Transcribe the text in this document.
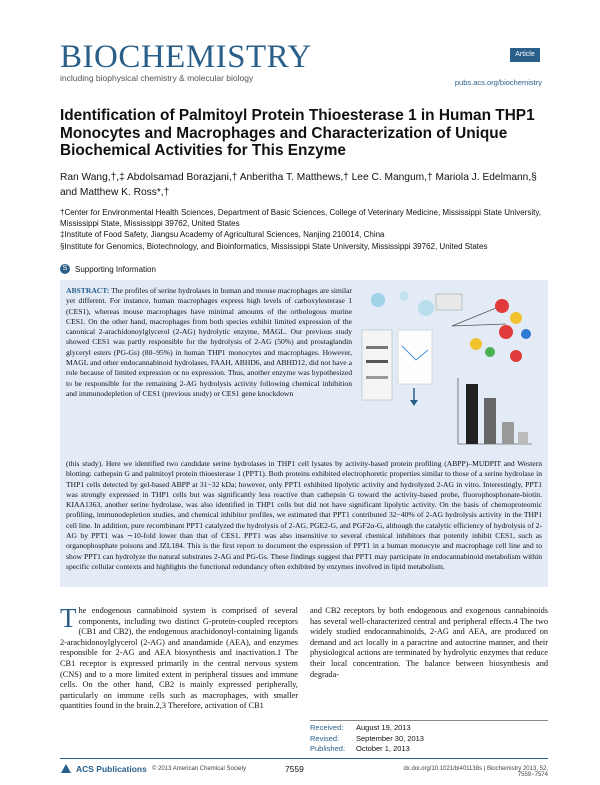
BIOCHEMISTRY
including biophysical chemistry & molecular biology
Article
pubs.acs.org/biochemistry
Identification of Palmitoyl Protein Thioesterase 1 in Human THP1 Monocytes and Macrophages and Characterization of Unique Biochemical Activities for This Enzyme
Ran Wang,†,‡ Abdolsamad Borazjani,† Anberitha T. Matthews,† Lee C. Mangum,† Mariola J. Edelmann,§ and Matthew K. Ross*,†
†Center for Environmental Health Sciences, Department of Basic Sciences, College of Veterinary Medicine, Mississippi State University, Mississippi State, Mississippi 39762, United States
‡Institute of Food Safety, Jiangsu Academy of Agricultural Sciences, Nanjing 210014, China
§Institute for Genomics, Biotechnology, and Bioinformatics, Mississippi State University, Mississippi 39762, United States
S Supporting Information
ABSTRACT: The profiles of serine hydrolases in human and mouse macrophages are similar yet different. For instance, human macrophages express high levels of carboxylesterase 1 (CES1), whereas mouse macrophages have minimal amounts of the orthologous murine CES1. On the other hand, macrophages from both species exhibit limited expression of the canonical 2-arachidonoylglycerol (2-AG) hydrolytic enzyme, MAGL. Our previous study showed CES1 was partly responsible for the hydrolysis of 2-AG (50%) and prostaglandin glyceryl esters (PG-Gs) (80–95%) in human THP1 monocytes and macrophages. However, MAGL and other endocannabinoid hydrolases, FAAH, ABHD6, and ABHD12, did not have a role because of limited expression or no expression. Thus, another enzyme was hypothesized to be responsible for the remaining 2-AG hydrolysis activity following chemical inhibition and immunodepletion of CES1 (previous study) or CES1 gene knockdown
(this study). Here we identified two candidate serine hydrolases in THP1 cell lysates by activity-based protein profiling (ABPP)–MUDPIT and Western blotting: cathepsin G and palmitoyl protein thioesterase 1 (PPT1). Both proteins exhibited electrophoretic properties similar to those of a serine hydrolase in THP1 cells detected by gel-based ABPP at 31−32 kDa; however, only PPT1 exhibited lipolytic activity and hydrolyzed 2-AG in vitro. Interestingly, PPT1 was strongly expressed in THP1 cells but was significantly less reactive than cathepsin G toward the activity-based probe, fluorophosphonate-biotin. KIAA1363, another serine hydrolase, was also identified in THP1 cells but did not have significant lipolytic activity. On the basis of chemoproteomic profiling, immunodepletion studies, and chemical inhibitor profiles, we estimated that PPT1 contributed 32−40% of 2-AG hydrolysis activity in the THP1 cell line. In addition, pure recombinant PPT1 catalyzed the hydrolysis of 2-AG, PGE2-G, and PGF2α-G, although the catalytic efficiency of hydrolysis of 2-AG by PPT1 was ∼10-fold lower than that of CES1. PPT1 was also insensitive to several chemical inhibitors that potently inhibit CES1, such as organophosphate poisons and JZL184. This is the first report to document the expression of PPT1 in a human monocyte and macrophage cell line and to show PPT1 can hydrolyze the natural substrates 2-AG and PG-Gs. These findings suggest that PPT1 may participate in endocannabinoid metabolism within specific cellular contexts and highlights the functional redundancy often exhibited by enzymes involved in lipid metabolism.
The endogenous cannabinoid system is comprised of several components, including two distinct G-protein-coupled receptors (CB1 and CB2), the endogenous arachidonoyl-containing ligands 2-arachidonoylglycerol (2-AG) and anandamide (AEA), and enzymes responsible for 2-AG and AEA biosynthesis and inactivation.1 The CB1 receptor is expressed primarily in the central nervous system (CNS) and to a more limited extent in peripheral tissues and immune cells. On the other hand, CB2 is mainly expressed peripherally, particularly on immune cells such as macrophages, with smaller quantities found in the brain.2,3 Therefore, activation of CB1
and CB2 receptors by both endogenous and exogenous cannabinoids has several well-characterized central and peripheral effects.4 The two widely studied endocannabinoids, 2-AG and AEA, are produced on demand and act locally in a paracrine and autocrine manner, and their physiological actions are terminated by hydrolytic enzymes that reduce their local concentration. The balance between biosynthesis and degrada-
Received:	August 19, 2013
Revised:	September 30, 2013
Published:	October 1, 2013
ACS Publications © 2013 American Chemical Society	7559	dx.doi.org/10.1021/bi401138s | Biochemistry 2013, 52, 7559−7574
